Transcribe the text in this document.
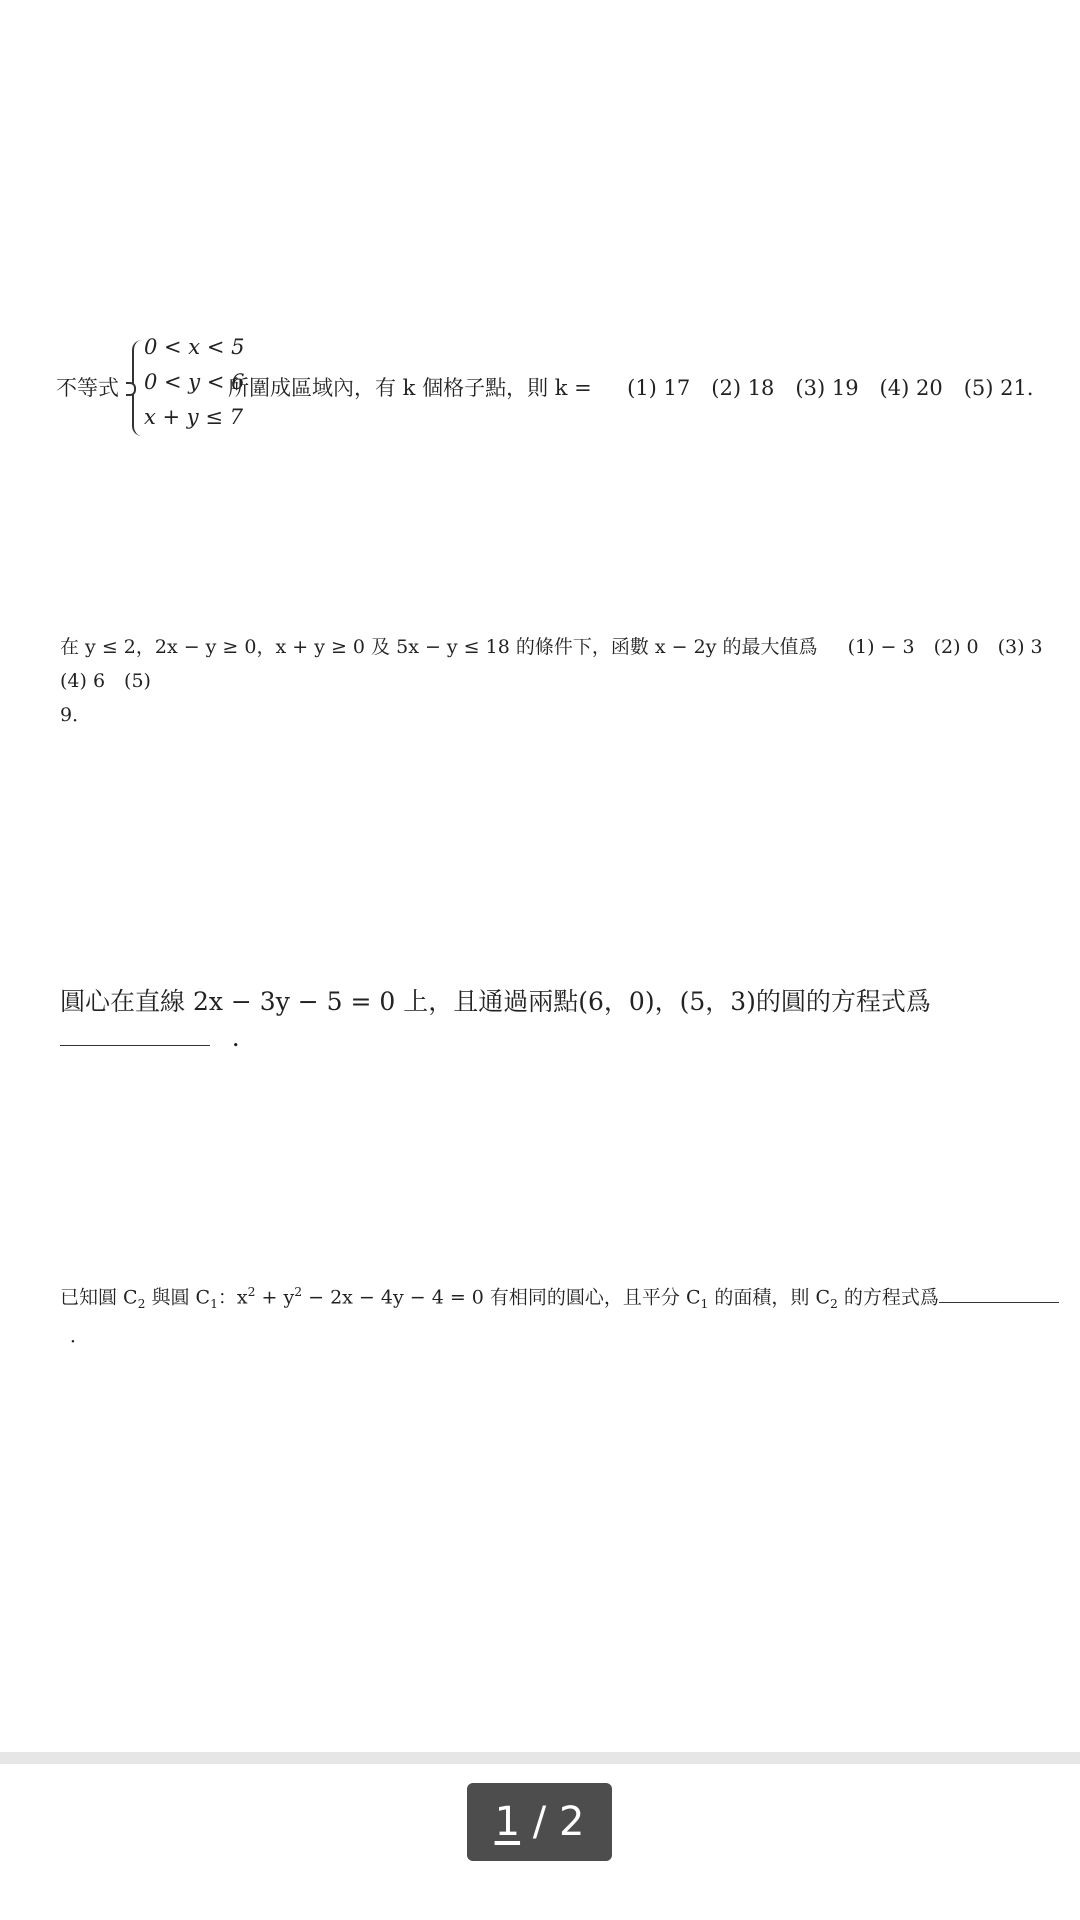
不等式
0 < x < 5
0 < y < 6
x + y ≤ 7
所圍成區域內，有 k 個格子點，則 k = (1) 17　(2) 18　(3) 19　(4) 20　(5) 21．
在 y ≤ 2，2x − y ≥ 0，x + y ≥ 0 及 5x − y ≤ 18 的條件下，函數 x − 2y 的最大值爲 (1) − 3　(2) 0　(3) 3　(4) 6　(5)
9．
圓心在直線 2x − 3y − 5 = 0 上，且通過兩點(6，0)，(5，3)的圓的方程式爲  ．
已知圓 $C_2$ 與圓 $C_1$：$x^2 + y^2 - 2x - 4y - 4 = 0$ 有相同的圓心，且平分 $C_1$ 的面積，則 $C_2$ 的方程式爲  ．
1 / 2
